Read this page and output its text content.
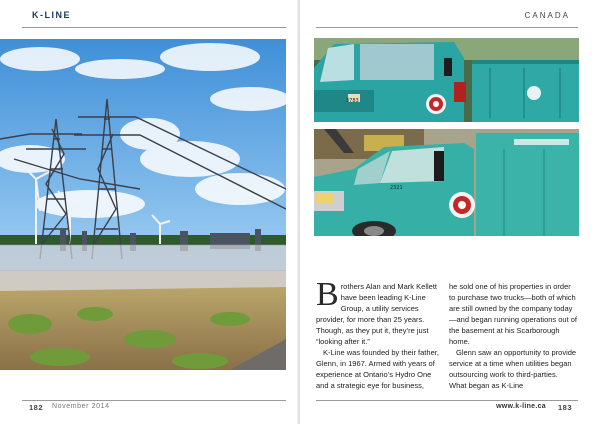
K-LINE
182 November 2014
CANADA
3783
2321

Brothers Alan and Mark Kellett have been leading K-Line Group, a utility services provider, for more than 25 years. Though, as they put it, they’re just “looking after it.”

K-Line was founded by their father, Glenn, in 1967. Armed with years of experience at Ontario’s Hydro One and a strategic eye for business,

he sold one of his properties in order to purchase two trucks—both of which are still owned by the company today—and began running operations out of the basement at his Scarborough home.

Glenn saw an opportunity to provide service at a time when utilities began outsourcing work to third-parties. What began as K-Line

www.k-line.ca 183
